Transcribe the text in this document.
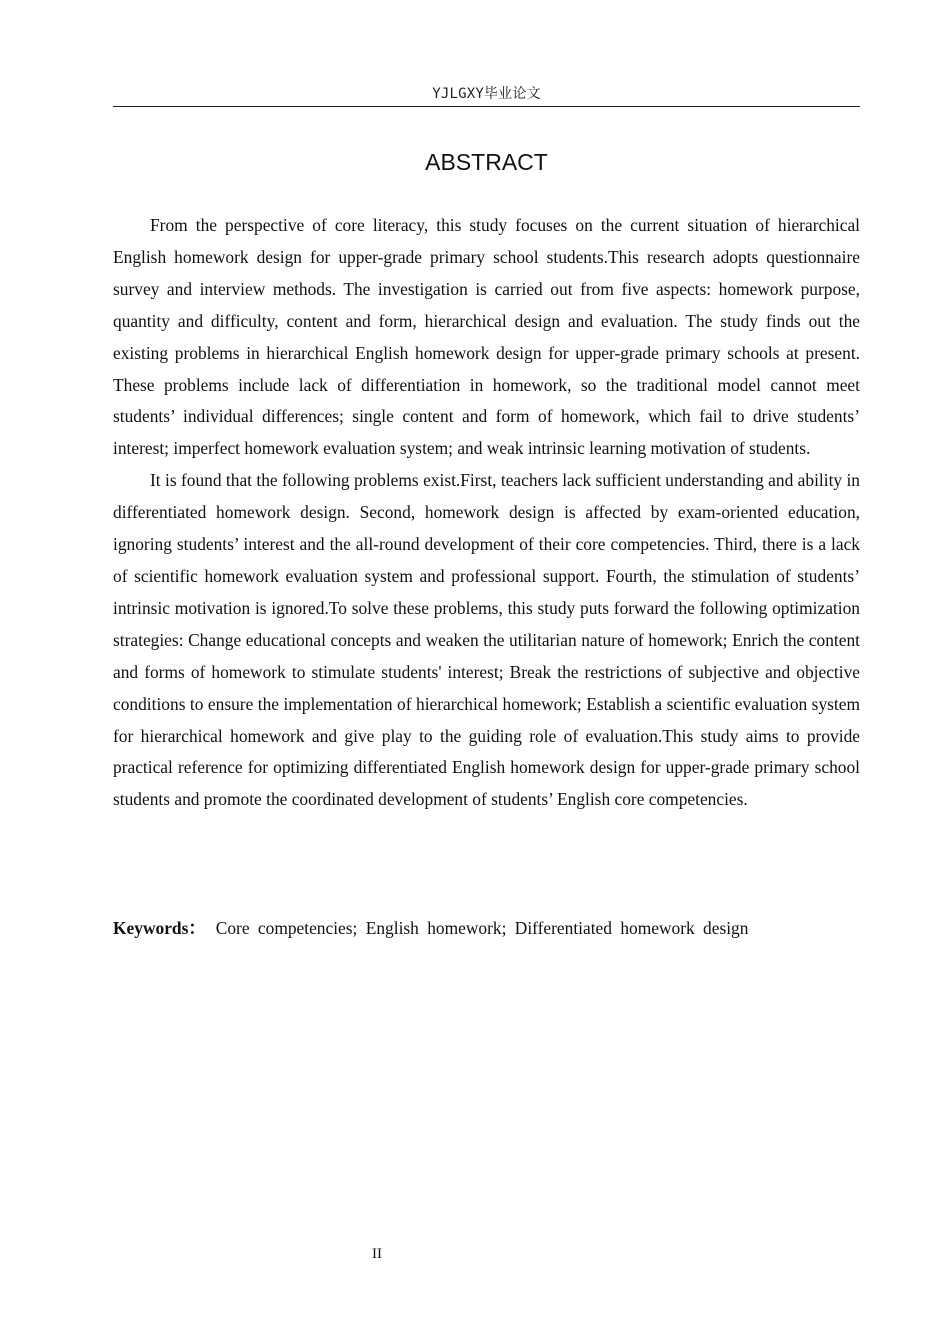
YJLGXY毕业论文
ABSTRACT

From the perspective of core literacy, this study focuses on the current situation of hierarchical English homework design for upper-grade primary school students.This research adopts questionnaire survey and interview methods. The investigation is carried out from five aspects: homework purpose, quantity and difficulty, content and form, hierarchical design and evaluation. The study finds out the existing problems in hierarchical English homework design for upper-grade primary schools at present. These problems include lack of differentiation in homework, so the traditional model cannot meet students’ individual differences; single content and form of homework, which fail to drive students’ interest; imperfect homework evaluation system; and weak intrinsic learning motivation of students.

It is found that the following problems exist.First, teachers lack sufficient understanding and ability in differentiated homework design. Second, homework design is affected by exam-oriented education, ignoring students’ interest and the all-round development of their core competencies. Third, there is a lack of scientific homework evaluation system and professional support. Fourth, the stimulation of students’ intrinsic motivation is ignored.To solve these problems, this study puts forward the following optimization strategies: Change educational concepts and weaken the utilitarian nature of homework; Enrich the content and forms of homework to stimulate students' interest; Break the restrictions of subjective and objective conditions to ensure the implementation of hierarchical homework; Establish a scientific evaluation system for hierarchical homework and give play to the guiding role of evaluation.This study aims to provide practical reference for optimizing differentiated English homework design for upper-grade primary school students and promote the coordinated development of students’ English core competencies.

Keywords： Core competencies; English homework; Differentiated homework design
II
